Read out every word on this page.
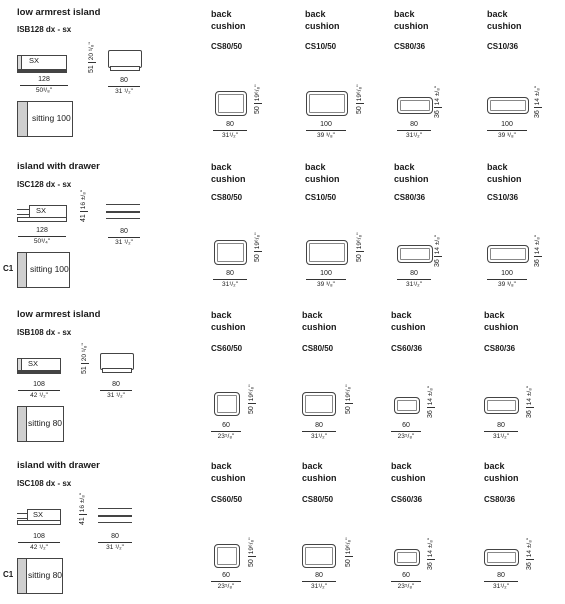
low armrest island
ISB128 dx - sx
SX
5120 ¹/₈"
128
50³/₈"
80
31 ¹/₂"
sitting 100
back
cushion
CS80/50
5019⁶/₈"
80
31¹/₂"
back
cushion
CS10/50
5019⁶/₈"
100
39 ³/₈"
back
cushion
CS80/36
3614 ±/₈"
80
31¹/₂"
back
cushion
CS10/36
3614 ±/₈"
100
39 ³/₈"
island with drawer
ISC128 dx - sx
SX
4116 ±/₈"
128
50³/₄"
80
31 ¹/₂"
C1 sitting 100
back
cushion
CS80/50
5019⁶/₈"
80
31¹/₂"
back
cushion
CS10/50
5019⁶/₈"
100
39 ³/₈"
back
cushion
CS80/36
3614 ±/₈"
80
31¹/₂"
back
cushion
CS10/36
3614 ±/₈"
100
39 ³/₈"
low armrest island
ISB108 dx - sx
SX
5120 ¹/₈"
108
42 ¹/₂"
80
31 ¹/₂"
sitting 80
back
cushion
CS60/50
5019⁶/₈"
60
23⁵/₈"
back
cushion
CS80/50
5019⁶/₈"
80
31¹/₂"
back
cushion
CS60/36
3614 ±/₈"
60
23⁵/₈"
back
cushion
CS80/36
3614 ±/₈"
80
31¹/₂"
island with drawer
ISC108 dx - sx
SX
4116 ±/₈"
108
42 ¹/₂"
80
31 ¹/₂"
C1 sitting 80
back
cushion
CS60/50
5019⁶/₈"
60
23⁵/₈"
back
cushion
CS80/50
5019⁶/₈"
80
31¹/₂"
back
cushion
CS60/36
3614 ±/₈"
60
23⁵/₈"
back
cushion
CS80/36
3614 ±/₈"
80
31¹/₂"
